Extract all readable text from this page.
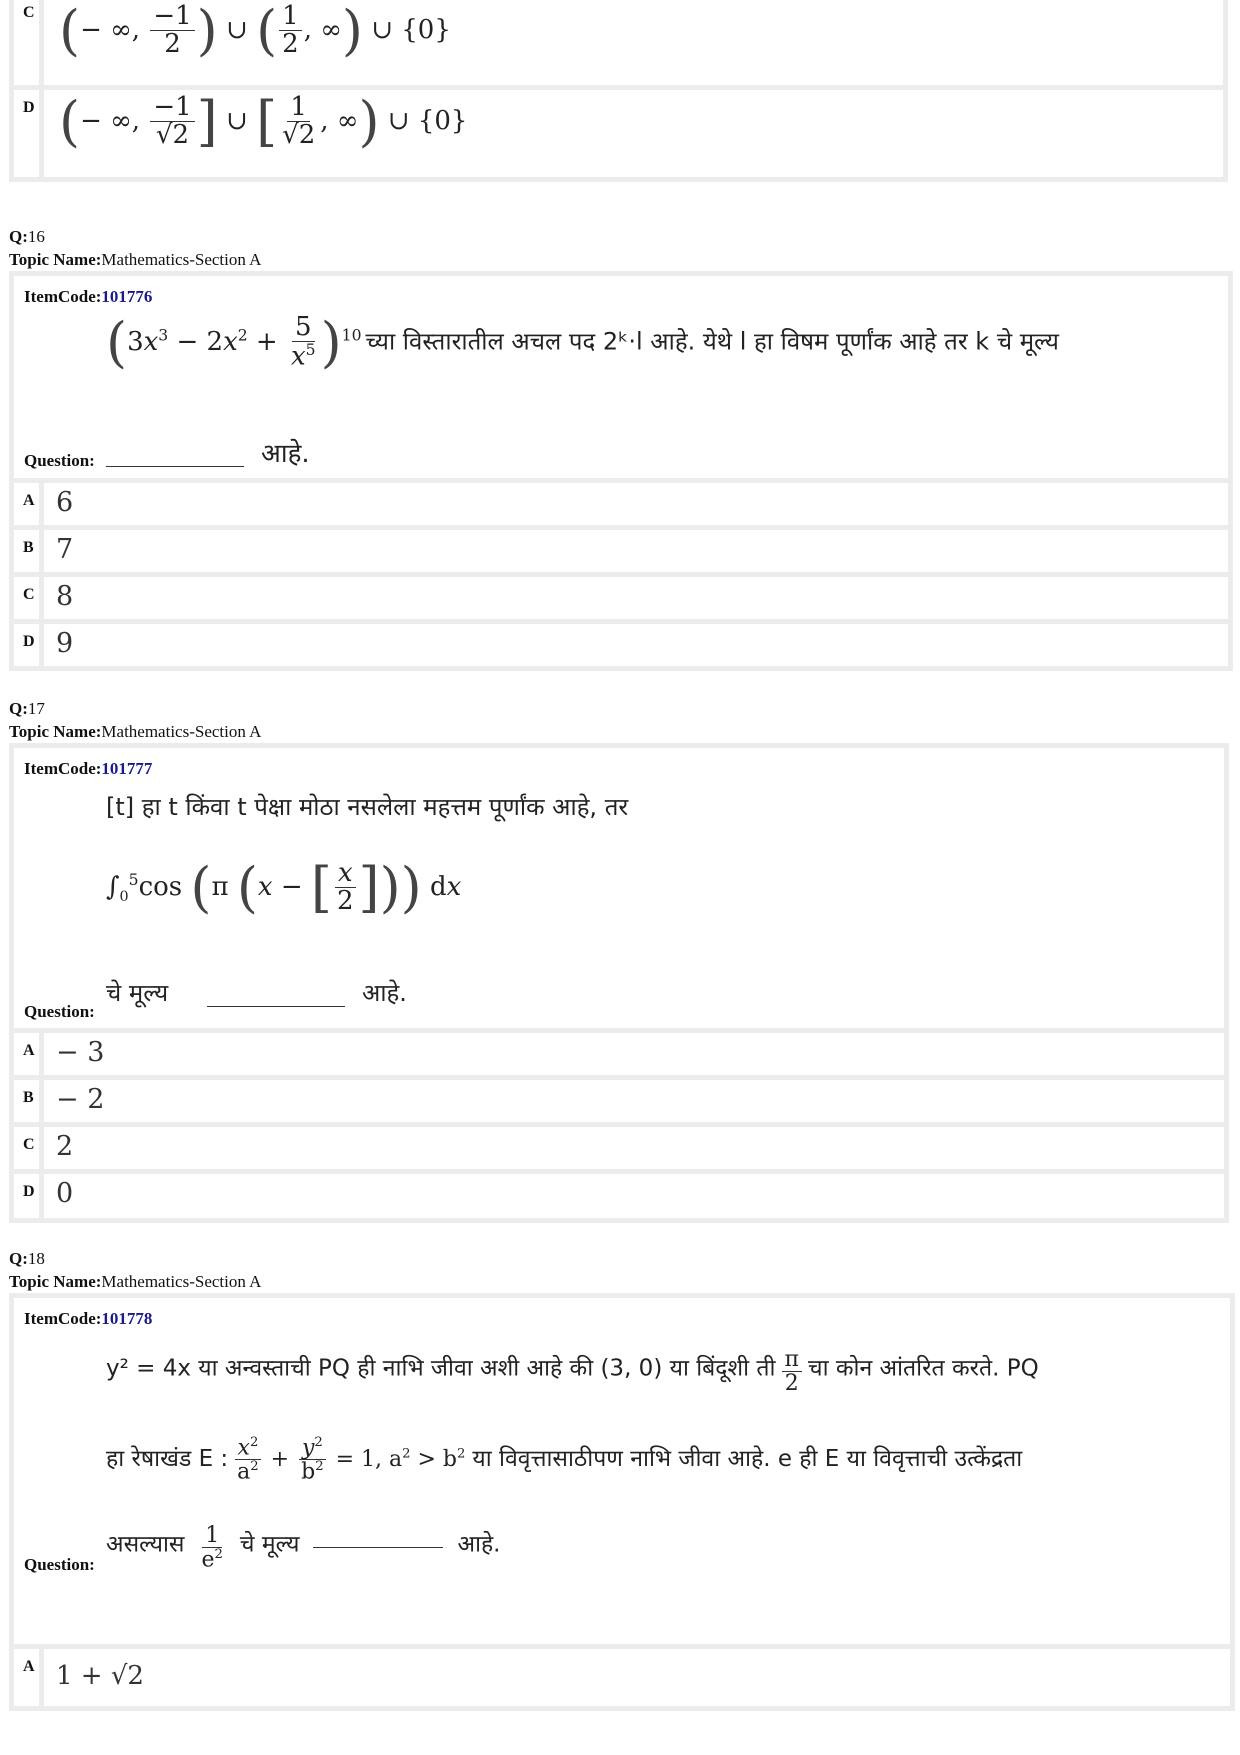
C (− ∞, $\frac{-1}{2}$ ) ∪ ( $\frac{1}{2}$ , ∞) ∪ {0}
D (− ∞, $\frac{-1}{√2}$ ] ∪ [ $\frac{1}{√2}$ , ∞) ∪ {0}
Q:16
Topic Name:Mathematics-Section A
ItemCode:101776
$(3x^3 - 2x^2 + \frac{5}{x^5} )^{10}$ च्या विस्तारातील अचल पद 2ᵏ·l आहे. येथे l हा विषम पूर्णांक आहे तर k चे मूल्य
Question:	आहे.
A 6
B 7
C 8
D 9
Q:17
Topic Name:Mathematics-Section A
ItemCode:101777
[t] हा t किंवा t पेक्षा मोठा नसलेला महत्तम पूर्णांक आहे, तर
$\int_0^5\cos$ (π (x − [ $\frac{x}{2}$ ])) dx
Question:
चे मूल्य	आहे.
A − 3
B − 2
C 2
D 0
Q:18
Topic Name:Mathematics-Section A
ItemCode:101778
y² = 4x या अन्वस्ताची PQ ही नाभि जीवा अशी आहे की (3, 0) या बिंदूशी ती $\frac{\pi}{2}$ चा कोन आंतरित करते. PQ
हा रेषाखंड E : $\frac{x^2}{a^2} + \frac{y^2}{b^2} = 1$, $a^2 > b^2$ या विवृत्तासाठीपण नाभि जीवा आहे. e ही E या विवृत्ताची उत्केंद्रता
Question:
असल्यास $\frac{1}{e^2}$ चे मूल्य	आहे.
A 1 + √2
